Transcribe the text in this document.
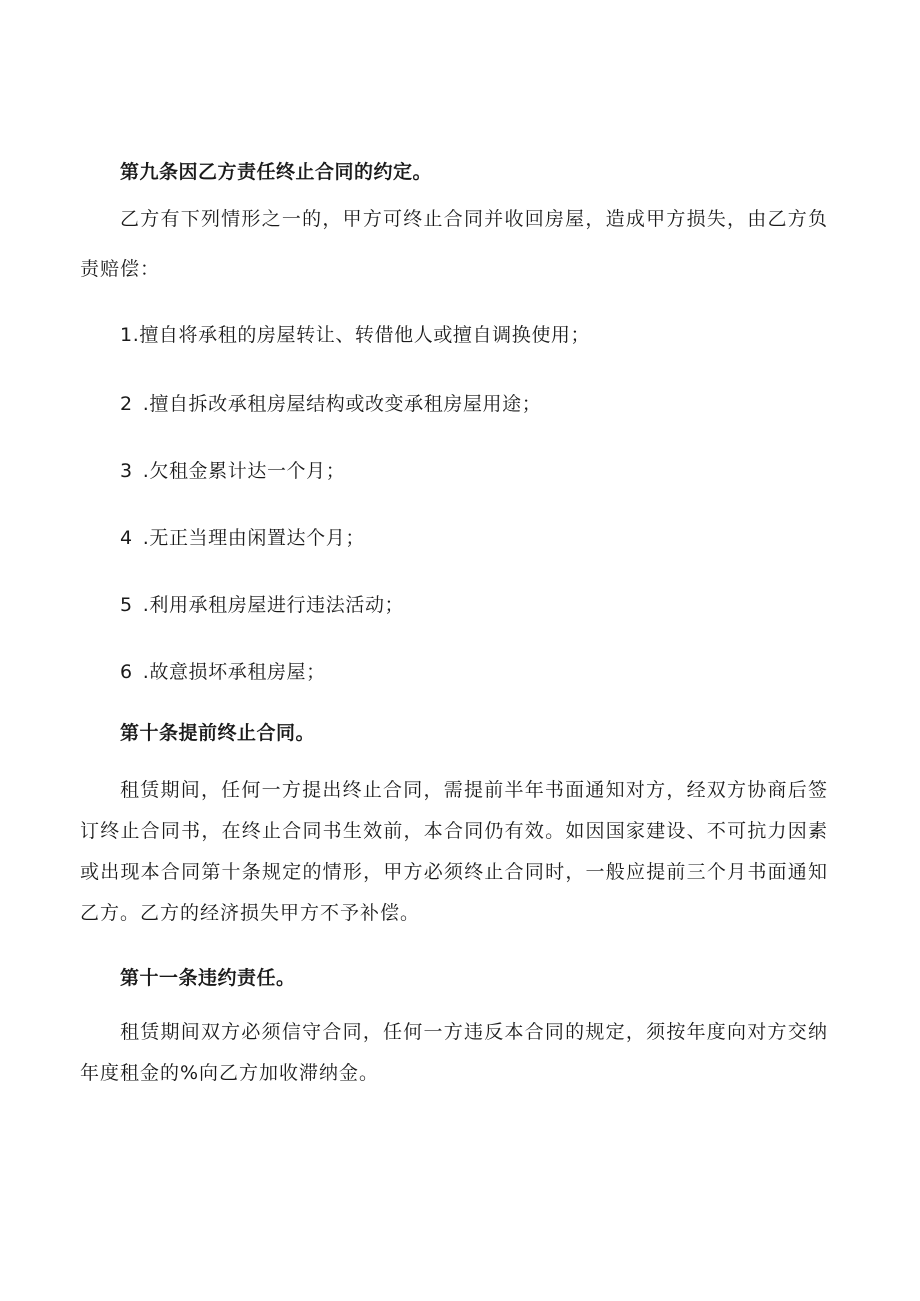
第九条因乙方责任终止合同的约定。
乙方有下列情形之一的，甲方可终止合同并收回房屋，造成甲方损失，由乙方负
责赔偿：
1.擅自将承租的房屋转让、转借他人或擅自调换使用；
2 .擅自拆改承租房屋结构或改变承租房屋用途；
3 .欠租金累计达一个月；
4 .无正当理由闲置达个月；
5 .利用承租房屋进行违法活动；
6 .故意损坏承租房屋；
第十条提前终止合同。
租赁期间，任何一方提出终止合同，需提前半年书面通知对方，经双方协商后签
订终止合同书，在终止合同书生效前，本合同仍有效。如因国家建设、不可抗力因素
或出现本合同第十条规定的情形，甲方必须终止合同时，一般应提前三个月书面通知
乙方。乙方的经济损失甲方不予补偿。
第十一条违约责任。
租赁期间双方必须信守合同，任何一方违反本合同的规定，须按年度向对方交纳
年度租金的%向乙方加收滞纳金。
